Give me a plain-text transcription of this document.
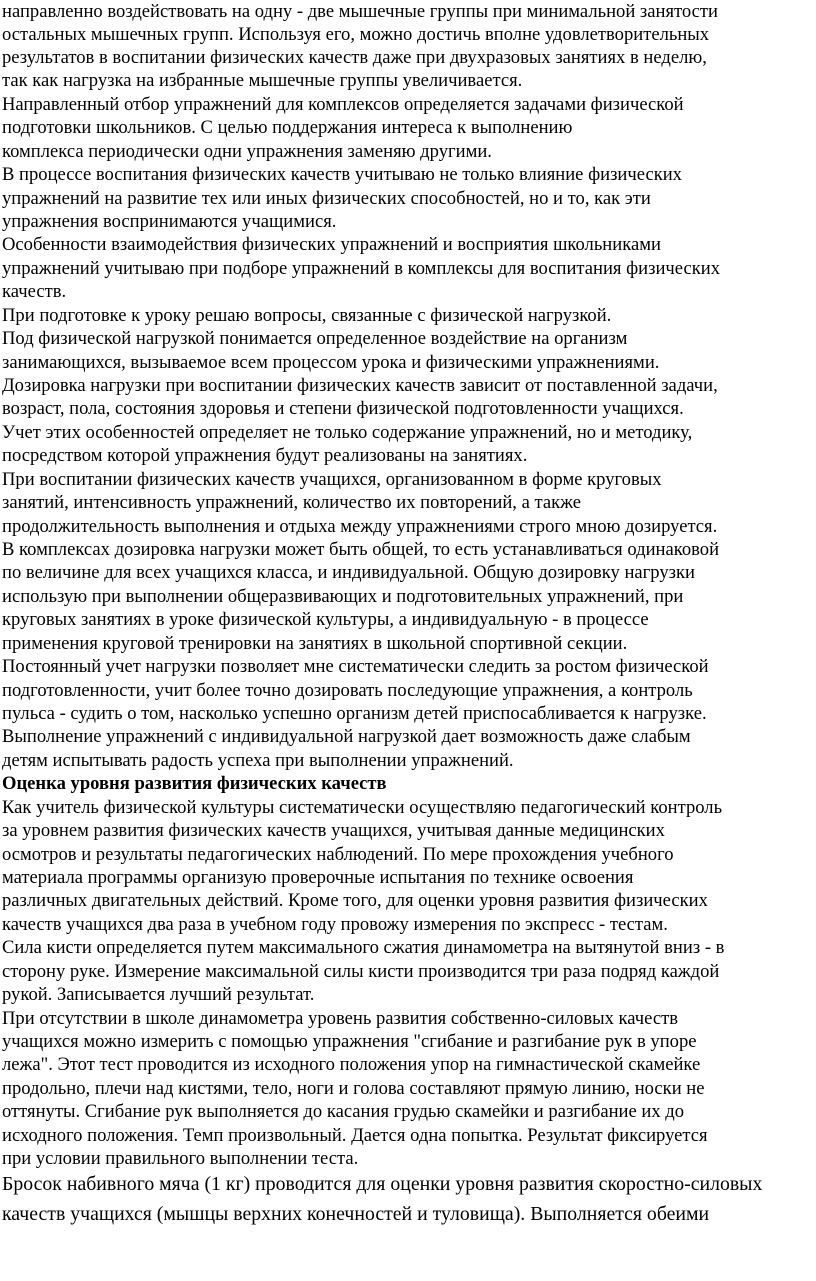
направленно воздействовать на одну - две мышечные группы при минимальной занятости
остальных мышечных групп. Используя его, можно достичь вполне удовлетворительных
результатов в воспитании физических качеств даже при двухразовых занятиях в неделю,
так как нагрузка на избранные мышечные группы увеличивается.
Направленный отбор упражнений для комплексов определяется задачами физической
подготовки школьников. С целью поддержания интереса к выполнению
комплекса периодически одни упражнения заменяю другими.
В процессе воспитания физических качеств учитываю не только влияние физических
упражнений на развитие тех или иных физических способностей, но и то, как эти
упражнения воспринимаются учащимися.
Особенности взаимодействия физических упражнений и восприятия школьниками
упражнений учитываю при подборе упражнений в комплексы для воспитания физических
качеств.
При подготовке к уроку решаю вопросы, связанные с физической нагрузкой.
Под физической нагрузкой понимается определенное воздействие на организм
занимающихся, вызываемое всем процессом урока и физическими упражнениями.
Дозировка нагрузки при воспитании физических качеств зависит от поставленной задачи,
возраст, пола, состояния здоровья и степени физической подготовленности учащихся.
Учет этих особенностей определяет не только содержание упражнений, но и методику,
посредством которой упражнения будут реализованы на занятиях.
При воспитании физических качеств учащихся, организованном в форме круговых
занятий, интенсивность упражнений, количество их повторений, а также
продолжительность выполнения и отдыха между упражнениями строго мною дозируется.
В комплексах дозировка нагрузки может быть общей, то есть устанавливаться одинаковой
по величине для всех учащихся класса, и индивидуальной. Общую дозировку нагрузки
использую при выполнении общеразвивающих и подготовительных упражнений, при
круговых занятиях в уроке физической культуры, а индивидуальную - в процессе
применения круговой тренировки на занятиях в школьной спортивной секции.
Постоянный учет нагрузки позволяет мне систематически следить за ростом физической
подготовленности, учит более точно дозировать последующие упражнения, а контроль
пульса - судить о том, насколько успешно организм детей приспосабливается к нагрузке.
Выполнение упражнений с индивидуальной нагрузкой дает возможность даже слабым
детям испытывать радость успеха при выполнении упражнений.
Оценка уровня развития физических качеств
Как учитель физической культуры систематически осуществляю педагогический контроль
за уровнем развития физических качеств учащихся, учитывая данные медицинских
осмотров и результаты педагогических наблюдений. По мере прохождения учебного
материала программы организую проверочные испытания по технике освоения
различных двигательных действий. Кроме того, для оценки уровня развития физических
качеств учащихся два раза в учебном году провожу измерения по экспресс - тестам.
Сила кисти определяется путем максимального сжатия динамометра на вытянутой вниз - в
сторону руке. Измерение максимальной силы кисти производится три раза подряд каждой
рукой. Записывается лучший результат.
При отсутствии в школе динамометра уровень развития собственно-силовых качеств
учащихся можно измерить с помощью упражнения "сгибание и разгибание рук в упоре
лежа". Этот тест проводится из исходного положения упор на гимнастической скамейке
продольно, плечи над кистями, тело, ноги и голова составляют прямую линию, носки не
оттянуты. Сгибание рук выполняется до касания грудью скамейки и разгибание их до
исходного положения. Темп произвольный. Дается одна попытка. Результат фиксируется
при условии правильного выполнении теста.
Бросок набивного мяча (1 кг) проводится для оценки уровня развития скоростно-силовых
качеств учащихся (мышцы верхних конечностей и туловища). Выполняется обеими
